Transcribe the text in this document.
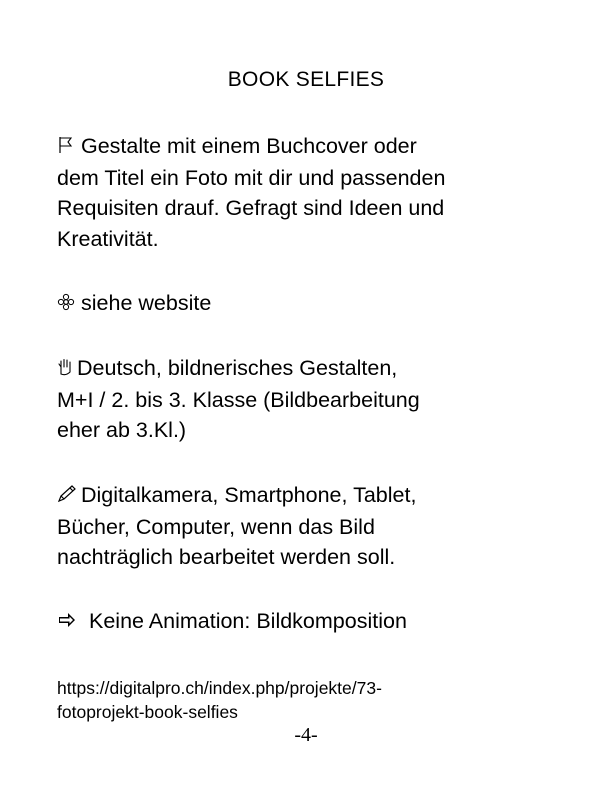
BOOK SELFIES

Gestalte mit einem Buchcover oder

dem Titel ein Foto mit dir und passenden

Requisiten drauf. Gefragt sind Ideen und

Kreativität.

siehe website

Deutsch, bildnerisches Gestalten,

M+I / 2. bis 3. Klasse (Bildbearbeitung

eher ab 3.Kl.)

Digitalkamera, Smartphone, Tablet,

Bücher, Computer, wenn das Bild

nachträglich bearbeitet werden soll.

Keine Animation: Bildkomposition

https://digitalpro.ch/index.php/projekte/73-

fotoprojekt-book-selfies

-4-
